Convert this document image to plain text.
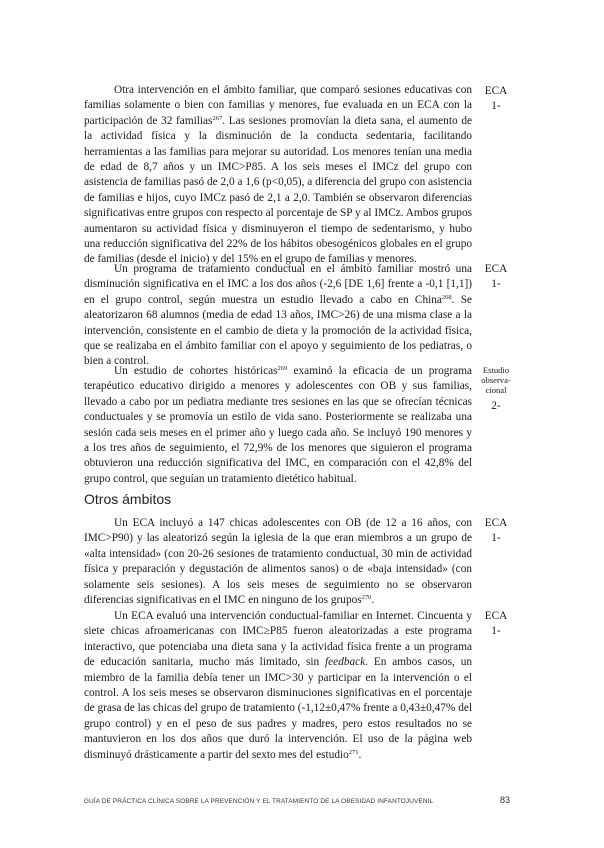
Otra intervención en el ámbito familiar, que comparó sesiones educativas con familias solamente o bien con familias y menores, fue evaluada en un ECA con la participación de 32 familias$^{267}$. Las sesiones promovían la dieta sana, el aumento de la actividad física y la disminución de la conducta sedentaria, facilitando herramientas a las familias para mejorar su autoridad. Los menores tenían una media de edad de 8,7 años y un IMC>P85. A los seis meses el IMCz del grupo con asistencia de familias pasó de 2,0 a 1,6 (p<0,05), a diferencia del grupo con asistencia de familias e hijos, cuyo IMCz pasó de 2,1 a 2,0. También se observaron diferencias significativas entre grupos con respecto al porcentaje de SP y al IMCz. Ambos grupos aumentaron su actividad física y disminuyeron el tiempo de sedentarismo, y hubo una reducción significativa del 22% de los hábitos obesogénicos globales en el grupo de familias (desde el inicio) y del 15% en el grupo de familias y menores.

ECA
1-

Un programa de tratamiento conductual en el ámbito familiar mostró una disminución significativa en el IMC a los dos años (-2,6 [DE 1,6] frente a -0,1 [1,1]) en el grupo control, según muestra un estudio llevado a cabo en China$^{268}$. Se aleatorizaron 68 alumnos (media de edad 13 años, IMC>26) de una misma clase a la intervención, consistente en el cambio de dieta y la promoción de la actividad física, que se realizaba en el ámbito familiar con el apoyo y seguimiento de los pediatras, o bien a control.

ECA
1-

Un estudio de cohortes históricas$^{269}$ examinó la eficacia de un programa terapéutico educativo dirigido a menores y adolescentes con OB y sus familias, llevado a cabo por un pediatra mediante tres sesiones en las que se ofrecían técnicas conductuales y se promovía un estilo de vida sano. Posteriormente se realizaba una sesión cada seis meses en el primer año y luego cada año. Se incluyó 190 menores y a los tres años de seguimiento, el 72,9% de los menores que siguieron el programa obtuvieron una reducción significativa del IMC, en comparación con el 42,8% del grupo control, que seguían un tratamiento dietético habitual.

Estudio observacional
2-
Otros ámbitos

Un ECA incluyó a 147 chicas adolescentes con OB (de 12 a 16 años, con IMC>P90) y las aleatorizó según la iglesia de la que eran miembros a un grupo de «alta intensidad» (con 20-26 sesiones de tratamiento conductual, 30 min de actividad física y preparación y degustación de alimentos sanos) o de «baja intensidad» (con solamente seis sesiones). A los seis meses de seguimiento no se observaron diferencias significativas en el IMC en ninguno de los grupos$^{270}$.

ECA
1-

Un ECA evaluó una intervención conductual-familiar en Internet. Cincuenta y siete chicas afroamericanas con IMC≥P85 fueron aleatorizadas a este programa interactivo, que potenciaba una dieta sana y la actividad física frente a un programa de educación sanitaria, mucho más limitado, sin feedback. En ambos casos, un miembro de la familia debía tener un IMC>30 y participar en la intervención o el control. A los seis meses se observaron disminuciones significativas en el porcentaje de grasa de las chicas del grupo de tratamiento (-1,12±0,47% frente a 0,43±0,47% del grupo control) y en el peso de sus padres y madres, pero estos resultados no se mantuvieron en los dos años que duró la intervención. El uso de la página web disminuyó drásticamente a partir del sexto mes del estudio$^{271}$.

ECA
1-
GUÍA DE PRÁCTICA CLÍNICA SOBRE LA PREVENCIÓN Y EL TRATAMIENTO DE LA OBESIDAD INFANTOJUVENIL	83
